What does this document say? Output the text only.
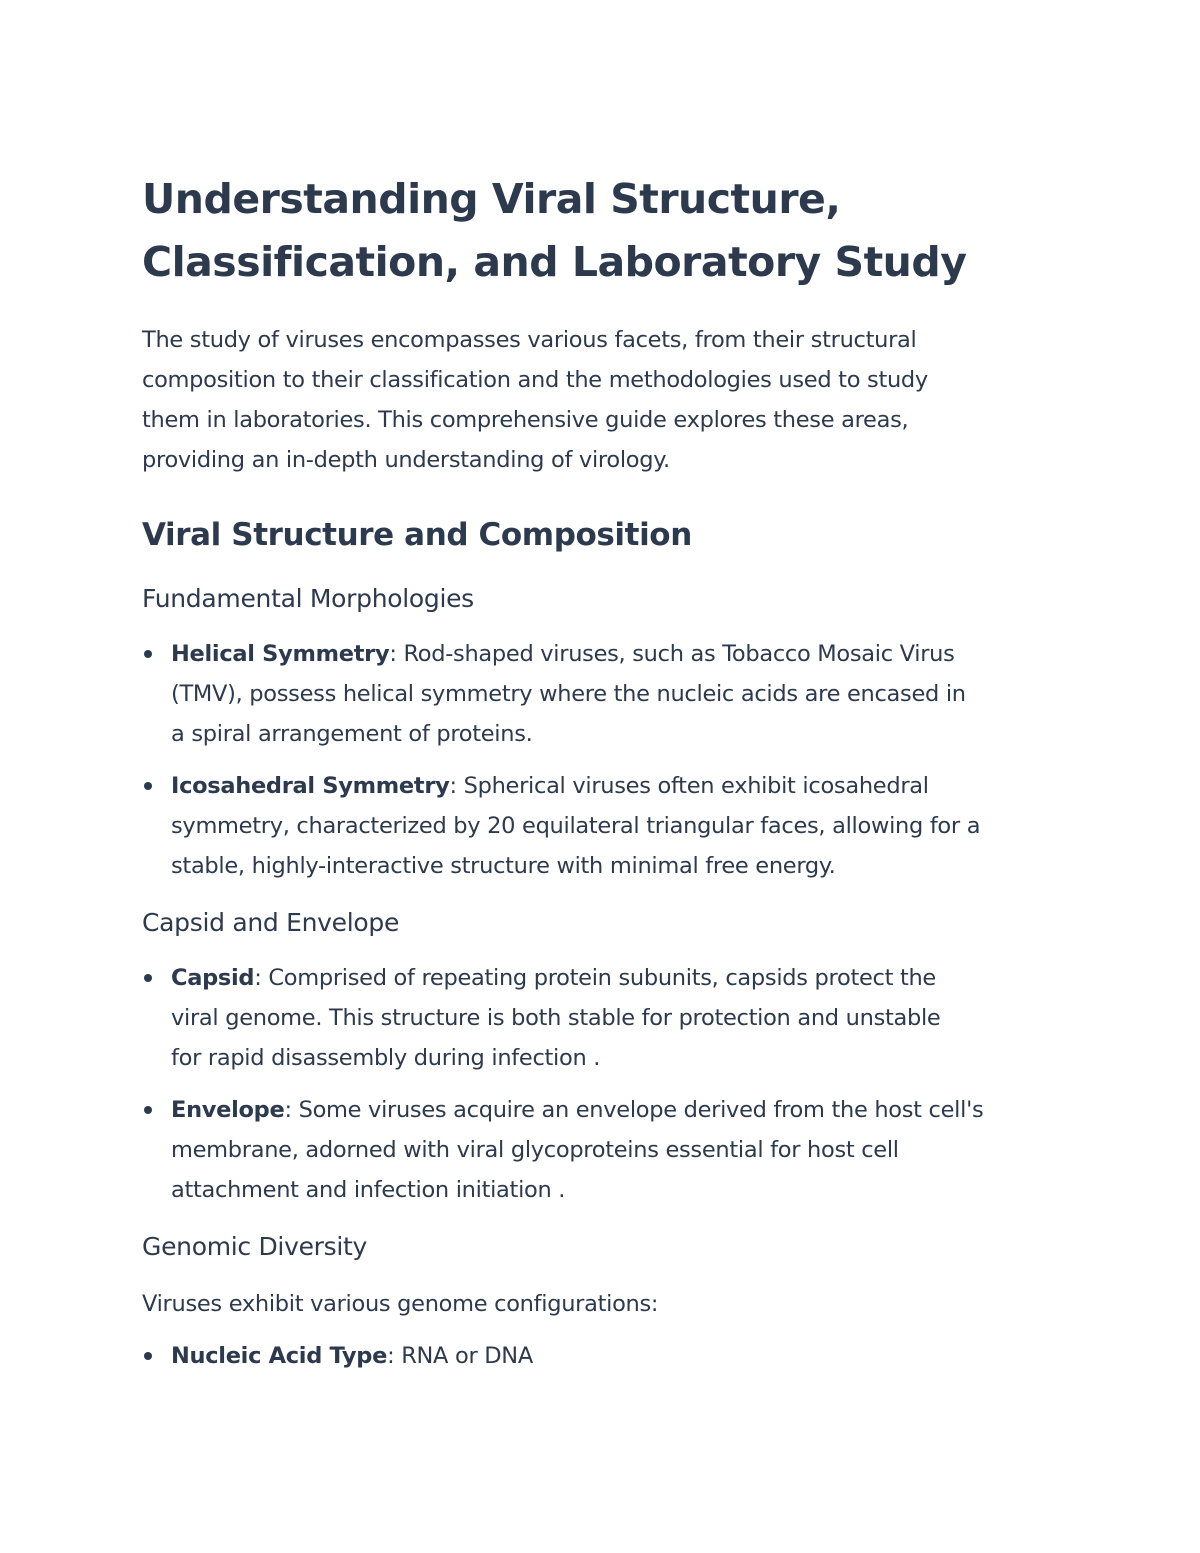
Understanding Viral Structure,
Classification, and Laboratory Study

The study of viruses encompasses various facets, from their structural
composition to their classification and the methodologies used to study
them in laboratories. This comprehensive guide explores these areas,
providing an in-depth understanding of virology.

Viral Structure and Composition
Fundamental Morphologies
Helical Symmetry: Rod-shaped viruses, such as Tobacco Mosaic Virus
(TMV), possess helical symmetry where the nucleic acids are encased in
a spiral arrangement of proteins.
Icosahedral Symmetry: Spherical viruses often exhibit icosahedral
symmetry, characterized by 20 equilateral triangular faces, allowing for a
stable, highly-interactive structure with minimal free energy.
Capsid and Envelope
Capsid: Comprised of repeating protein subunits, capsids protect the
viral genome. This structure is both stable for protection and unstable
for rapid disassembly during infection .
Envelope: Some viruses acquire an envelope derived from the host cell's
membrane, adorned with viral glycoproteins essential for host cell
attachment and infection initiation .
Genomic Diversity

Viruses exhibit various genome configurations:

Nucleic Acid Type: RNA or DNA
